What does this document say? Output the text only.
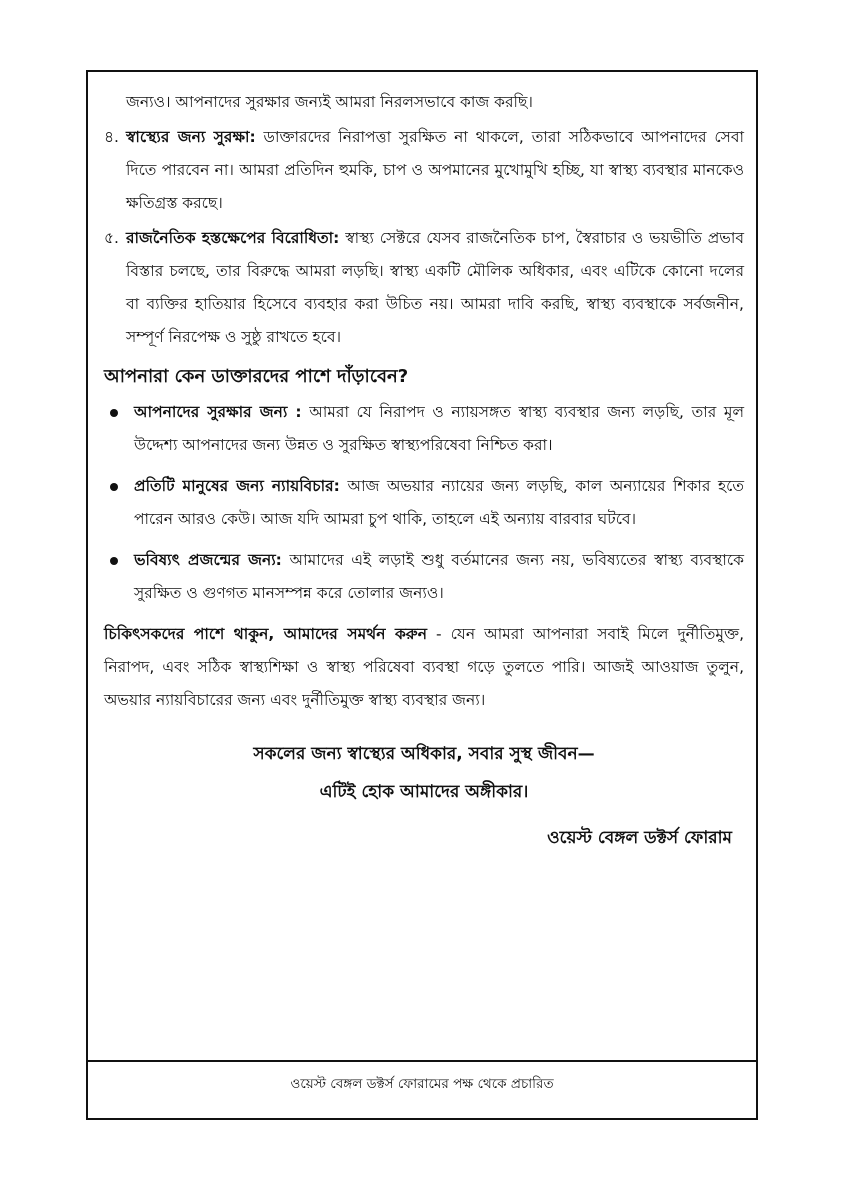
জন্যও। আপনাদের সুরক্ষার জন্যই আমরা নিরলসভাবে কাজ করছি।

৪. স্বাস্থ্যের জন্য সুরক্ষা: ডাক্তারদের নিরাপত্তা সুরক্ষিত না থাকলে, তারা সঠিকভাবে আপনাদের সেবা দিতে পারবেন না। আমরা প্রতিদিন হুমকি, চাপ ও অপমানের মুখোমুখি হচ্ছি, যা স্বাস্থ্য ব্যবস্থার মানকেও ক্ষতিগ্রস্ত করছে।
৫. রাজনৈতিক হস্তক্ষেপের বিরোধিতা: স্বাস্থ্য সেক্টরে যেসব রাজনৈতিক চাপ, স্বৈরাচার ও ভয়ভীতি প্রভাব বিস্তার চলছে, তার বিরুদ্ধে আমরা লড়ছি। স্বাস্থ্য একটি মৌলিক অধিকার, এবং এটিকে কোনো দলের বা ব্যক্তির হাতিয়ার হিসেবে ব্যবহার করা উচিত নয়। আমরা দাবি করছি, স্বাস্থ্য ব্যবস্থাকে সর্বজনীন, সম্পূর্ণ নিরপেক্ষ ও সুষ্ঠু রাখতে হবে।
আপনারা কেন ডাক্তারদের পাশে দাঁড়াবেন?
আপনাদের সুরক্ষার জন্য : আমরা যে নিরাপদ ও ন্যায়সঙ্গত স্বাস্থ্য ব্যবস্থার জন্য লড়ছি, তার মূল উদ্দেশ্য আপনাদের জন্য উন্নত ও সুরক্ষিত স্বাস্থ্যপরিষেবা নিশ্চিত করা।
প্রতিটি মানুষের জন্য ন্যায়বিচার: আজ অভয়ার ন্যায়ের জন্য লড়ছি, কাল অন্যায়ের শিকার হতে পারেন আরও কেউ। আজ যদি আমরা চুপ থাকি, তাহলে এই অন্যায় বারবার ঘটবে।
ভবিষ্যৎ প্রজন্মের জন্য: আমাদের এই লড়াই শুধু বর্তমানের জন্য নয়, ভবিষ্যতের স্বাস্থ্য ব্যবস্থাকে সুরক্ষিত ও গুণগত মানসম্পন্ন করে তোলার জন্যও।
চিকিৎসকদের পাশে থাকুন, আমাদের সমর্থন করুন - যেন আমরা আপনারা সবাই মিলে দুর্নীতিমুক্ত, নিরাপদ, এবং সঠিক স্বাস্থ্যশিক্ষা ও স্বাস্থ্য পরিষেবা ব্যবস্থা গড়ে তুলতে পারি। আজই আওয়াজ তুলুন, অভয়ার ন্যায়বিচারের জন্য এবং দুর্নীতিমুক্ত স্বাস্থ্য ব্যবস্থার জন্য।
সকলের জন্য স্বাস্থ্যের অধিকার, সবার সুস্থ জীবন—
এটিই হোক আমাদের অঙ্গীকার।
ওয়েস্ট বেঙ্গল ডক্টর্স ফোরাম
ওয়েস্ট বেঙ্গল ডক্টর্স ফোরামের পক্ষ থেকে প্রচারিত
